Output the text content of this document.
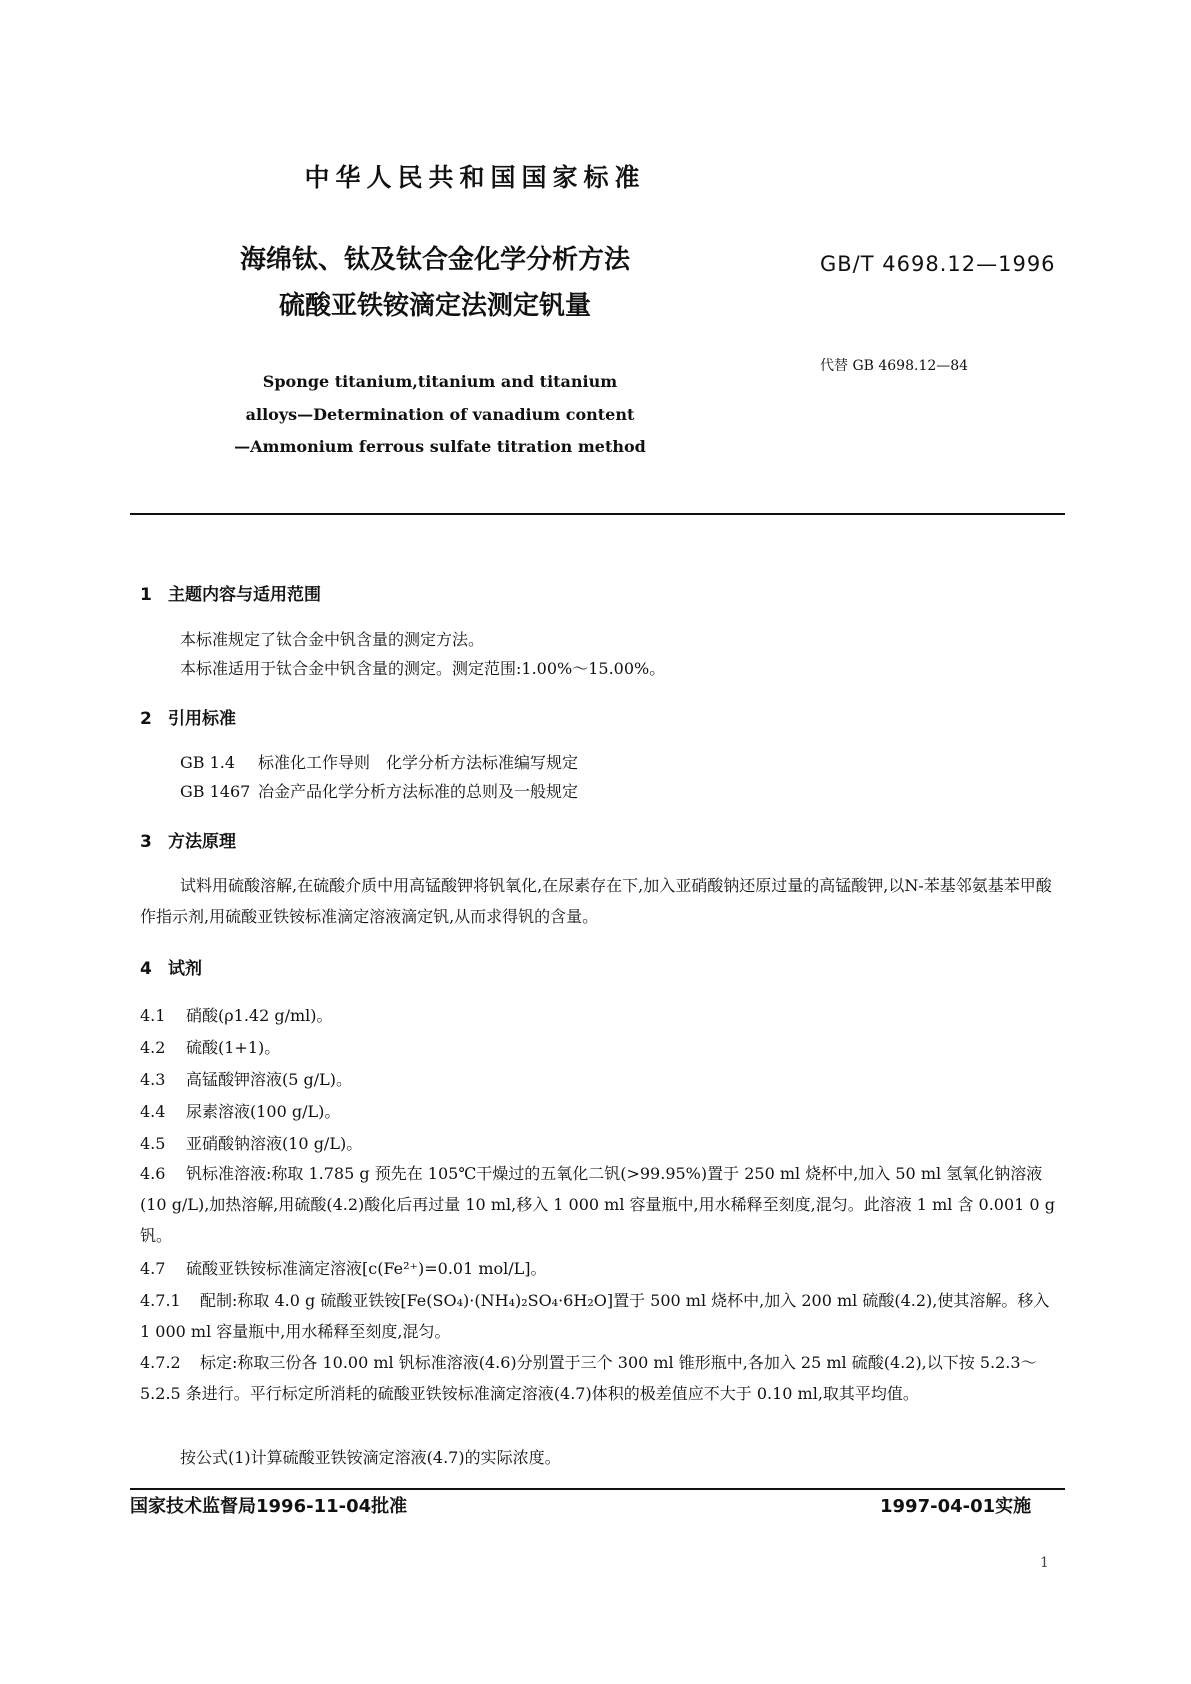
中华人民共和国国家标准
海绵钛、钛及钛合金化学分析方法
硫酸亚铁铵滴定法测定钒量
GB/T 4698.12—1996
代替 GB 4698.12—84
Sponge titanium,titanium and titanium
alloys—Determination of vanadium content
—Ammonium ferrous sulfate titration method
1 主题内容与适用范围
本标准规定了钛合金中钒含量的测定方法。
本标准适用于钛合金中钒含量的测定。测定范围:1.00%～15.00%。
2 引用标准
GB 1.4 标准化工作导则　化学分析方法标准编写规定
GB 1467 冶金产品化学分析方法标准的总则及一般规定
3 方法原理
试料用硫酸溶解,在硫酸介质中用高锰酸钾将钒氧化,在尿素存在下,加入亚硝酸钠还原过量的高锰酸钾,以N-苯基邻氨基苯甲酸作指示剂,用硫酸亚铁铵标准滴定溶液滴定钒,从而求得钒的含量。
4 试剂
4.1 硝酸(ρ1.42 g/ml)。
4.2 硫酸(1+1)。
4.3 高锰酸钾溶液(5 g/L)。
4.4 尿素溶液(100 g/L)。
4.5 亚硝酸钠溶液(10 g/L)。
4.6 钒标准溶液:称取 1.785 g 预先在 105℃干燥过的五氧化二钒(>99.95%)置于 250 ml 烧杯中,加入 50 ml 氢氧化钠溶液(10 g/L),加热溶解,用硫酸(4.2)酸化后再过量 10 ml,移入 1 000 ml 容量瓶中,用水稀释至刻度,混匀。此溶液 1 ml 含 0.001 0 g 钒。
4.7 硫酸亚铁铵标准滴定溶液[c(Fe²⁺)=0.01 mol/L]。
4.7.1 配制:称取 4.0 g 硫酸亚铁铵[Fe(SO₄)·(NH₄)₂SO₄·6H₂O]置于 500 ml 烧杯中,加入 200 ml 硫酸(4.2),使其溶解。移入 1 000 ml 容量瓶中,用水稀释至刻度,混匀。
4.7.2 标定:称取三份各 10.00 ml 钒标准溶液(4.6)分别置于三个 300 ml 锥形瓶中,各加入 25 ml 硫酸(4.2),以下按 5.2.3～5.2.5 条进行。平行标定所消耗的硫酸亚铁铵标准滴定溶液(4.7)体积的极差值应不大于 0.10 ml,取其平均值。
按公式(1)计算硫酸亚铁铵滴定溶液(4.7)的实际浓度。
国家技术监督局1996-11-04批准	1997-04-01实施
1
